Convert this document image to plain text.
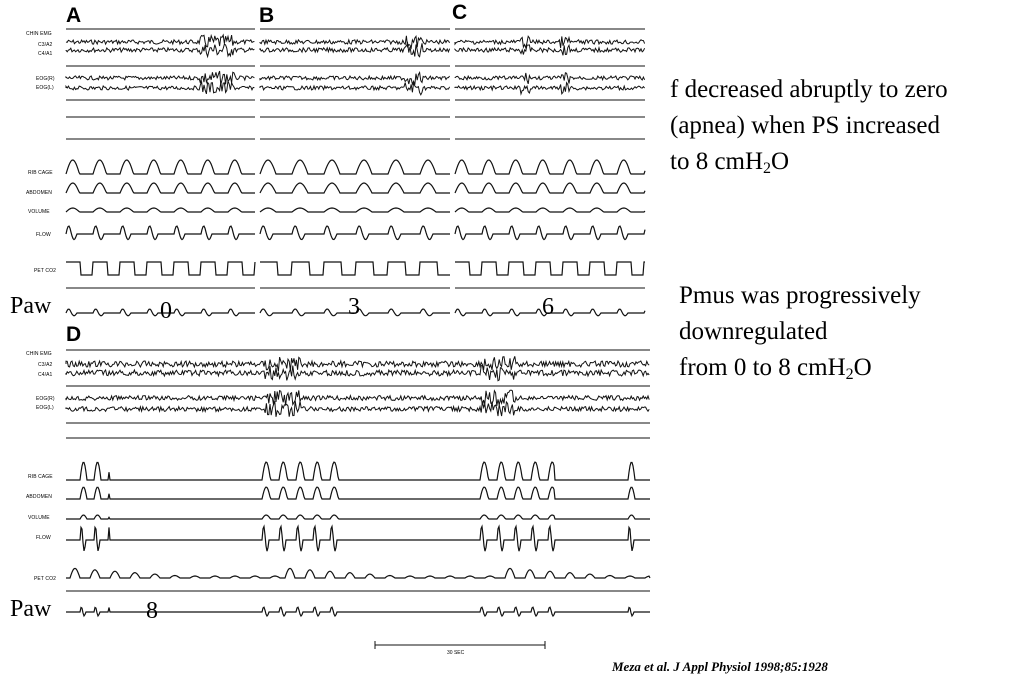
A	B	C
D
CHIN EMG
C3/A2
C4/A1
EOG(R)
EOG(L)
RIB CAGE
ABDOMEN
VOLUME
FLOW
PET CO2
CHIN EMG
C3/A2
C4/A1
EOG(R)
EOG(L)
RIB CAGE
ABDOMEN
VOLUME
FLOW
PET CO2
Paw
Paw
0	3	6
8
f decreased abruptly to zero
(apnea) when PS increased
to 8 cmH$_2$O
Pmus was progressively
downregulated
from 0 to 8 cmH$_2$O
30 SEC
Meza et al. J Appl Physiol 1998;85:1928
